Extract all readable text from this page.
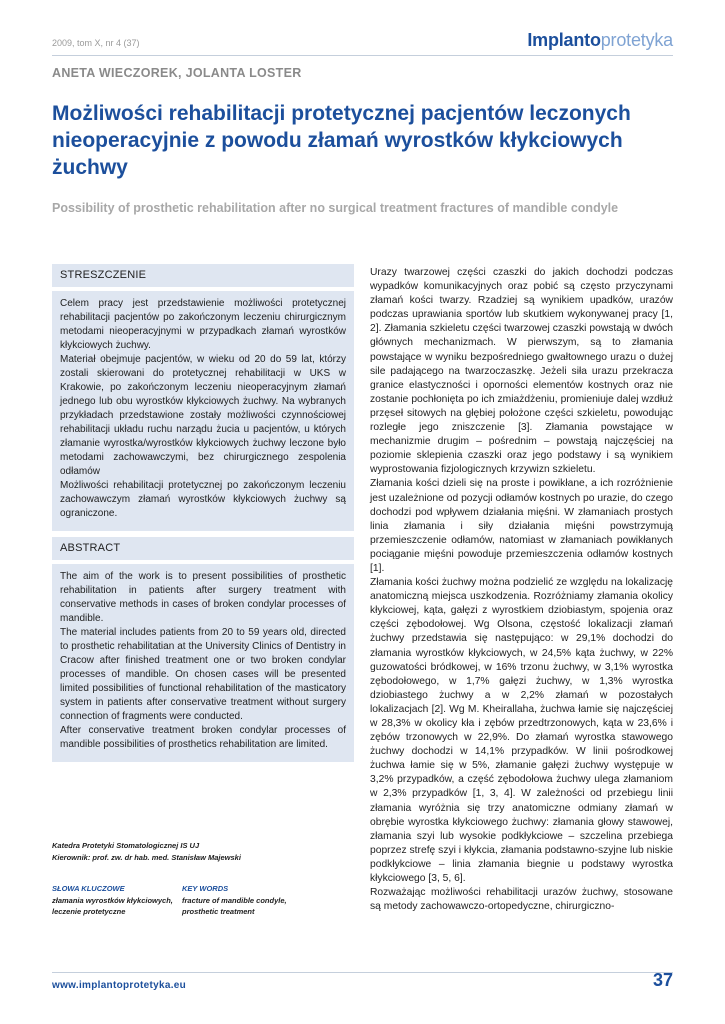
2009, tom X, nr 4 (37)	Implantoprotetyka
ANETA WIECZOREK, JOLANTA LOSTER
Możliwości rehabilitacji protetycznej pacjentów leczonych nieoperacyjnie z powodu złamań wyrostków kłykciowych żuchwy
Possibility of prosthetic rehabilitation after no surgical treatment fractures of mandible condyle
STRESZCZENIE

Celem pracy jest przedstawienie możliwości protetycznej rehabilitacji pacjentów po zakończonym leczeniu chirurgicznym metodami nieoperacyjnymi w przypadkach złamań wyrostków kłykciowych żuchwy.

Materiał obejmuje pacjentów, w wieku od 20 do 59 lat, którzy zostali skierowani do protetycznej rehabilitacji w UKS w Krakowie, po zakończonym leczeniu nieoperacyjnym złamań jednego lub obu wyrostków kłykciowych żuchwy. Na wybranych przykładach przedstawione zostały możliwości czynnościowej rehabilitacji układu ruchu narządu żucia u pacjentów, u których złamanie wyrostka/wyrostków kłykciowych żuchwy leczone było metodami zachowawczymi, bez chirurgicznego zespolenia odłamów

Możliwości rehabilitacji protetycznej po zakończonym leczeniu zachowawczym złamań wyrostków kłykciowych żuchwy są ograniczone.

ABSTRACT

The aim of the work is to present possibilities of prosthetic rehabilitation in patients after surgery treatment with conservative methods in cases of broken condylar processes of mandible.

The material includes patients from 20 to 59 years old, directed to prosthetic rehabilitatian at the University Clinics of Dentistry in Cracow after finished treatment one or two broken condylar processes of mandible. On chosen cases will be presented limited possibilities of functional rehabilitation of the masticatory system in patients after conservative treatment without surgery connection of fragments were conducted.

After conservative treatment broken condylar processes of mandible possibilities of prosthetics rehabilitation are limited.

Katedra Protetyki Stomatologicznej IS UJ
Kierownik: prof. zw. dr hab. med. Stanisław Majewski
SŁOWA KLUCZOWE
złamania wyrostków kłykciowych, leczenie protetyczne
KEY WORDS
fracture of mandible condyle, prosthetic treatment

Urazy twarzowej części czaszki do jakich dochodzi podczas wypadków komunikacyjnych oraz pobić są często przyczynami złamań kości twarzy. Rzadziej są wynikiem upadków, urazów podczas uprawiania sportów lub skutkiem wykonywanej pracy [1, 2]. Złamania szkieletu części twarzowej czaszki powstają w dwóch głównych mechanizmach. W pierwszym, są to złamania powstające w wyniku bezpośredniego gwałtownego urazu o dużej sile padającego na twarzoczaszkę. Jeżeli siła urazu przekracza granice elastyczności i oporności elementów kostnych oraz nie zostanie pochłonięta po ich zmiażdżeniu, promieniuje dalej wzdłuż przęseł sitowych na głębiej położone części szkieletu, powodując rozległe jego zniszczenie [3]. Złamania powstające w mechanizmie drugim – pośrednim – powstają najczęściej na poziomie sklepienia czaszki oraz jego podstawy i są wynikiem wyprostowania fizjologicznych krzywizn szkieletu.

Złamania kości dzieli się na proste i powikłane, a ich rozróżnienie jest uzależnione od pozycji odłamów kostnych po urazie, do czego dochodzi pod wpływem działania mięśni. W złamaniach prostych linia złamania i siły działania mięśni powstrzymują przemieszczenie odłamów, natomiast w złamaniach powikłanych pociąganie mięśni powoduje przemieszczenia odłamów kostnych [1].

Złamania kości żuchwy można podzielić ze względu na lokalizację anatomiczną miejsca uszkodzenia. Rozróżniamy złamania okolicy kłykciowej, kąta, gałęzi z wyrostkiem dziobiastym, spojenia oraz części zębodołowej. Wg Olsona, częstość lokalizacji złamań żuchwy przedstawia się następująco: w 29,1% dochodzi do złamania wyrostków kłykciowych, w 24,5% kąta żuchwy, w 22% guzowatości bródkowej, w 16% trzonu żuchwy, w 3,1% wyrostka zębodołowego, w 1,7% gałęzi żuchwy, w 1,3% wyrostka dziobiastego żuchwy a w 2,2% złamań w pozostałych lokalizacjach [2]. Wg M. Kheirallaha, żuchwa łamie się najczęściej w 28,3% w okolicy kła i zębów przedtrzonowych, kąta w 23,6% i zębów trzonowych w 22,9%. Do złamań wyrostka stawowego żuchwy dochodzi w 14,1% przypadków. W linii pośrodkowej żuchwa łamie się w 5%, złamanie gałęzi żuchwy występuje w 3,2% przypadków, a część zębodołowa żuchwy ulega złamaniom w 2,3% przypadków [1, 3, 4]. W zależności od przebiegu linii złamania wyróżnia się trzy anatomiczne odmiany złamań w obrębie wyrostka kłykciowego żuchwy: złamania głowy stawowej, złamania szyi lub wysokie podkłykciowe – szczelina przebiega poprzez strefę szyi i kłykcia, złamania podstawno-szyjne lub niskie podkłykciowe – linia złamania biegnie u podstawy wyrostka kłykciowego [3, 5, 6].

Rozważając możliwości rehabilitacji urazów żuchwy, stosowane są metody zachowawczo-ortopedyczne, chirurgiczno-

www.implantoprotetyka.eu	37
